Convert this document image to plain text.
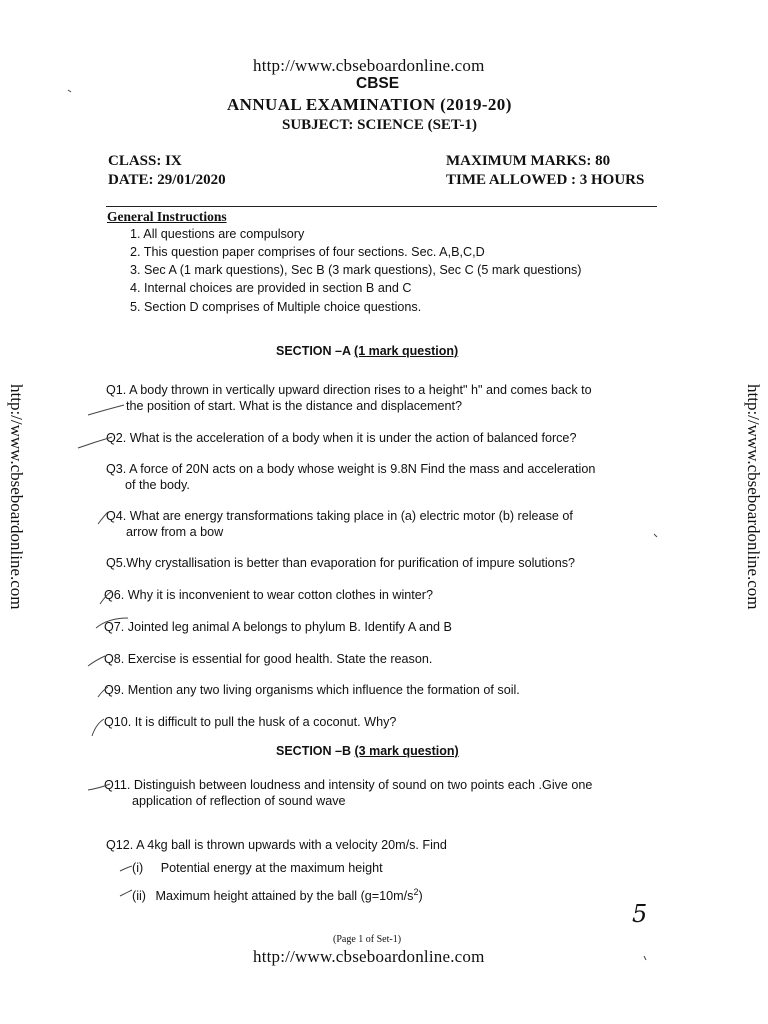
http://www.cbseboardonline.com
CBSE
ANNUAL EXAMINATION (2019-20)
SUBJECT: SCIENCE (SET-1)
CLASS: IX
DATE: 29/01/2020
MAXIMUM MARKS: 80
TIME ALLOWED : 3 HOURS
http://www.cbseboardonline.com	http://www.cbseboardonline.com
General Instructions
1. All questions are compulsory
2. This question paper comprises of four sections. Sec. A,B,C,D
3. Sec A (1 mark questions), Sec B (3 mark questions), Sec C (5 mark questions)
4. Internal choices are provided in section B and C
5. Section D comprises of Multiple choice questions.
SECTION –A (1 mark question)
Q1. A body thrown in vertically upward direction rises to a height" h" and comes back to
the position of start. What is the distance and displacement?
Q2. What is the acceleration of a body when it is under the action of balanced force?
Q3. A force of 20N acts on a body whose weight is 9.8N Find the mass and acceleration
of the body.
Q4. What are energy transformations taking place in (a) electric motor (b) release of
arrow from a bow
Q5.Why crystallisation is better than evaporation for purification of impure solutions?
Q6. Why it is inconvenient to wear cotton clothes in winter?
Q7. Jointed leg animal A belongs to phylum B. Identify A and B
Q8. Exercise is essential for good health. State the reason.
Q9. Mention any two living organisms which influence the formation of soil.
Q10. It is difficult to pull the husk of a coconut. Why?
SECTION –B (3 mark question)
Q11. Distinguish between loudness and intensity of sound on two points each .Give one
application of reflection of sound wave
Q12. A 4kg ball is thrown upwards with a velocity 20m/s. Find
(i) Potential energy at the maximum height
(ii) Maximum height attained by the ball $(g=10m/s^2)$
5
(Page 1 of Set-1)
http://www.cbseboardonline.com
